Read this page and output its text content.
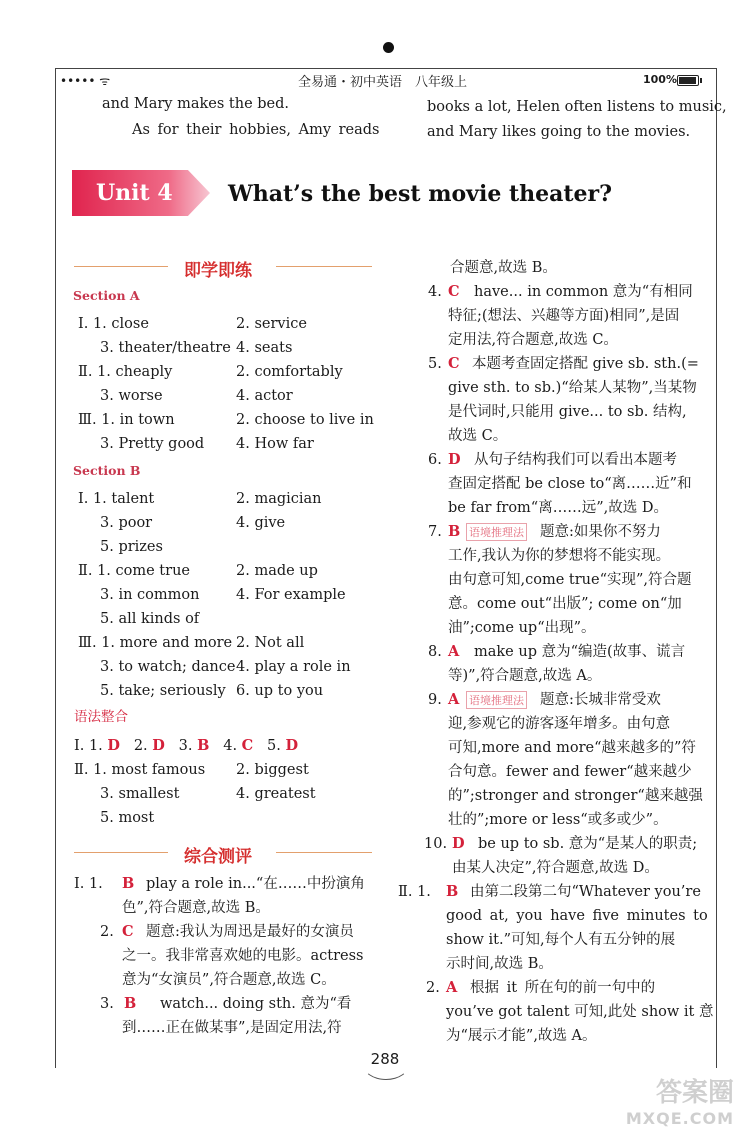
••••• ᯤ	全易通・初中英语　八年级上	100%
and Mary makes the bed.
As for their hobbies, Amy reads
books a lot, Helen often listens to music,
and Mary likes going to the movies.
Unit 4	What’s the best movie theater?
即学即练
Section A
Ⅰ. 1. close	2. service
3. theater/theatre 4. seats
Ⅱ. 1. cheaply	2. comfortably
3. worse	4. actor
Ⅲ. 1. in town	2. choose to live in
3. Pretty good 4. How far
Section B
Ⅰ. 1. talent	2. magician
3. poor	4. give
5. prizes
Ⅱ. 1. come true	2. made up
3. in common	4. For example
5. all kinds of
Ⅲ. 1. more and more 2. Not all
3. to watch; dance 4. play a role in
5. take; seriously 6. up to you
语法整合
Ⅰ. 1. D 2. D 3. B 4. C 5. D
Ⅱ. 1. most famous 2. biggest
3. smallest	4. greatest
5. most
综合测评
Ⅰ. 1. B play a role in...“在……中扮演角
色”,符合题意,故选 B。
2. C 题意:我认为周迅是最好的女演员
之一。我非常喜欢她的电影。actress
意为“女演员”,符合题意,故选 C。
3. B watch... doing sth. 意为“看
到……正在做某事”,是固定用法,符
合题意,故选 B。
4. C have... in common 意为“有相同
特征;(想法、兴趣等方面)相同”,是固
定用法,符合题意,故选 C。
5. C 本题考查固定搭配 give sb. sth.(=
give sth. to sb.)“给某人某物”,当某物
是代词时,只能用 give... to sb. 结构,
故选 C。
6. D 从句子结构我们可以看出本题考
查固定搭配 be close to“离……近”和
be far from“离……远”,故选 D。
7. B 语境推理法 题意:如果你不努力
工作,我认为你的梦想将不能实现。
由句意可知,come true“实现”,符合题
意。come out“出版”; come on“加
油”;come up“出现”。
8. A make up 意为“编造(故事、谎言
等)”,符合题意,故选 A。
9. A 语境推理法 题意:长城非常受欢
迎,参观它的游客逐年增多。由句意
可知,more and more“越来越多的”符
合句意。fewer and fewer“越来越少
的”;stronger and stronger“越来越强
壮的”;more or less“或多或少”。
10. D be up to sb. 意为“是某人的职责;
由某人决定”,符合题意,故选 D。
Ⅱ. 1. B 由第二段第二句“Whatever you’re
good at, you have five minutes to
show it.”可知,每个人有五分钟的展
示时间,故选 B。
2. A 根据 it 所在句的前一句中的
you’ve got talent 可知,此处 show it 意
为“展示才能”,故选 A。
288
答案圈
MXQE.COM
